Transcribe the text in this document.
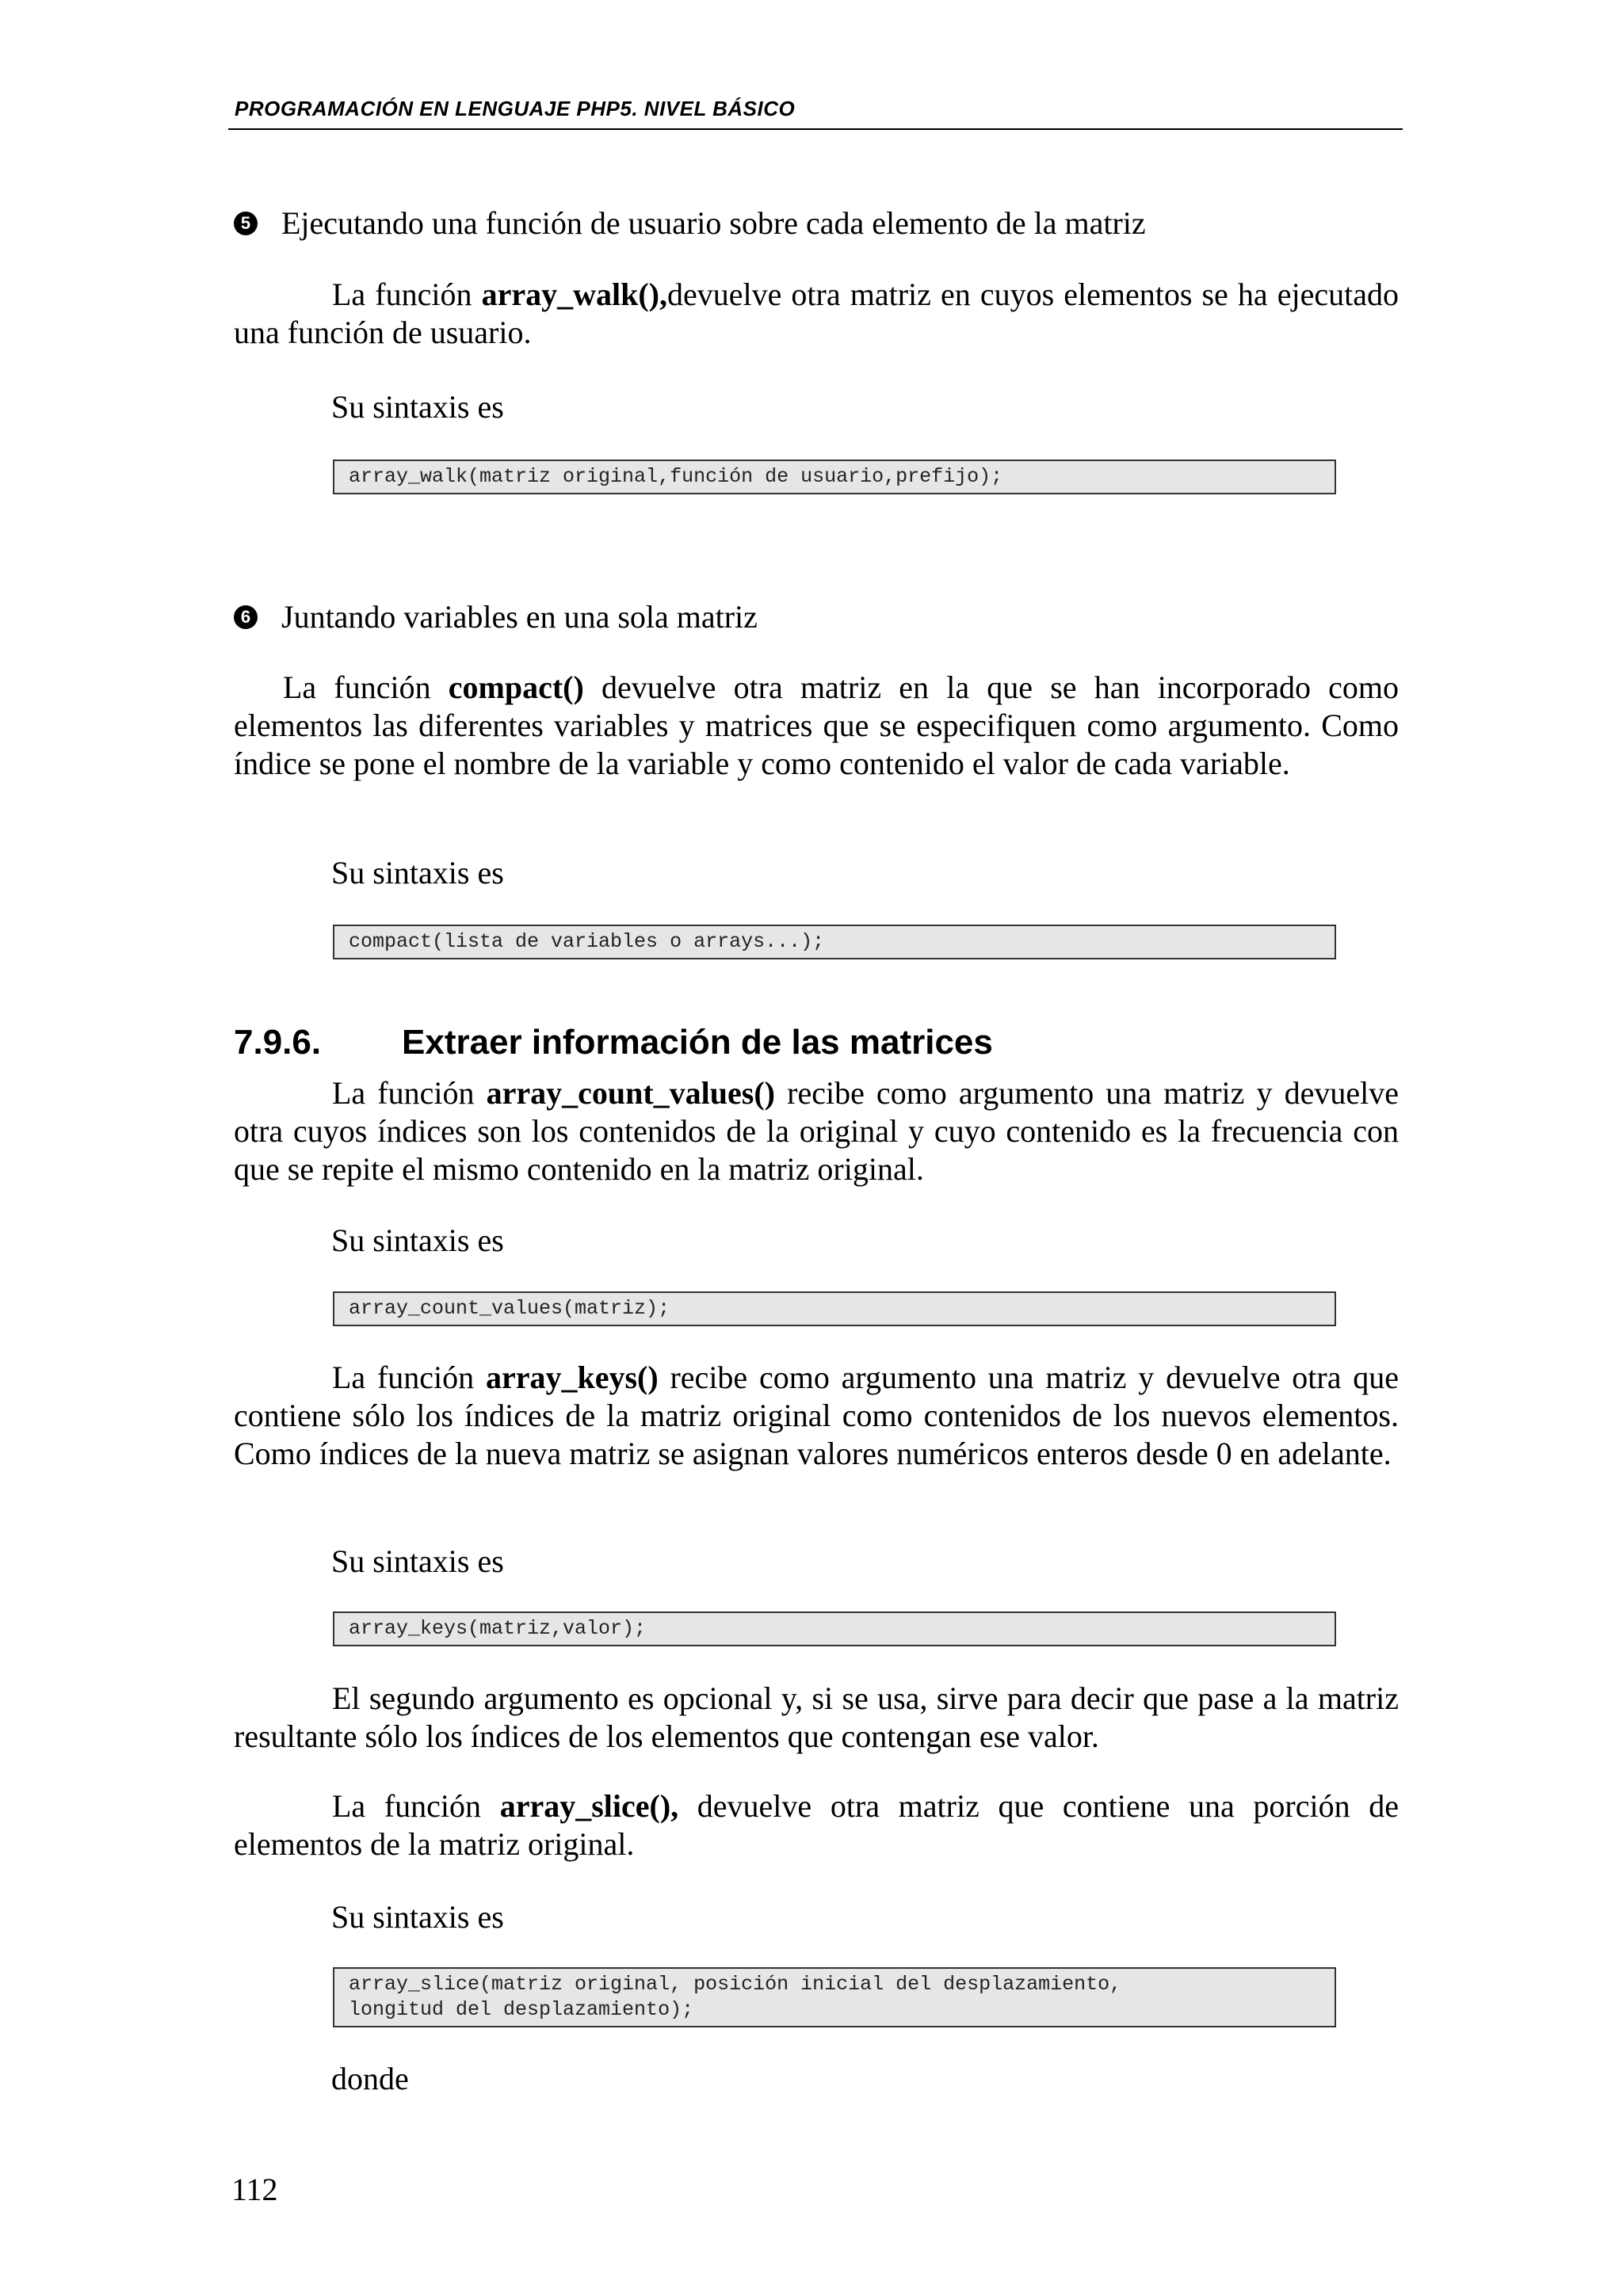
PROGRAMACIÓN EN LENGUAJE PHP5. NIVEL BÁSICO
5 Ejecutando una función de usuario sobre cada elemento de la matriz

La función array_walk(),devuelve otra matriz en cuyos elementos se ha ejecutado una función de usuario.

Su sintaxis es
array_walk(matriz original,función de usuario,prefijo);
6 Juntando variables en una sola matriz

La función compact() devuelve otra matriz en la que se han incorporado como elementos las diferentes variables y matrices que se especifiquen como argumento. Como índice se pone el nombre de la variable y como contenido el valor de cada variable.

Su sintaxis es
compact(lista de variables o arrays...);
7.9.6. Extraer información de las matrices

La función array_count_values() recibe como argumento una matriz y devuelve otra cuyos índices son los contenidos de la original y cuyo contenido es la frecuencia con que se repite el mismo contenido en la matriz original.

Su sintaxis es
array_count_values(matriz);

La función array_keys() recibe como argumento una matriz y devuelve otra que contiene sólo los índices de la matriz original como contenidos de los nuevos elementos. Como índices de la nueva matriz se asignan valores numéricos enteros desde 0 en adelante.

Su sintaxis es
array_keys(matriz,valor);

El segundo argumento es opcional y, si se usa, sirve para decir que pase a la matriz resultante sólo los índices de los elementos que contengan ese valor.

La función array_slice(), devuelve otra matriz que contiene una porción de elementos de la matriz original.

Su sintaxis es
array_slice(matriz original, posición inicial del desplazamiento,
longitud del desplazamiento);
donde
112
